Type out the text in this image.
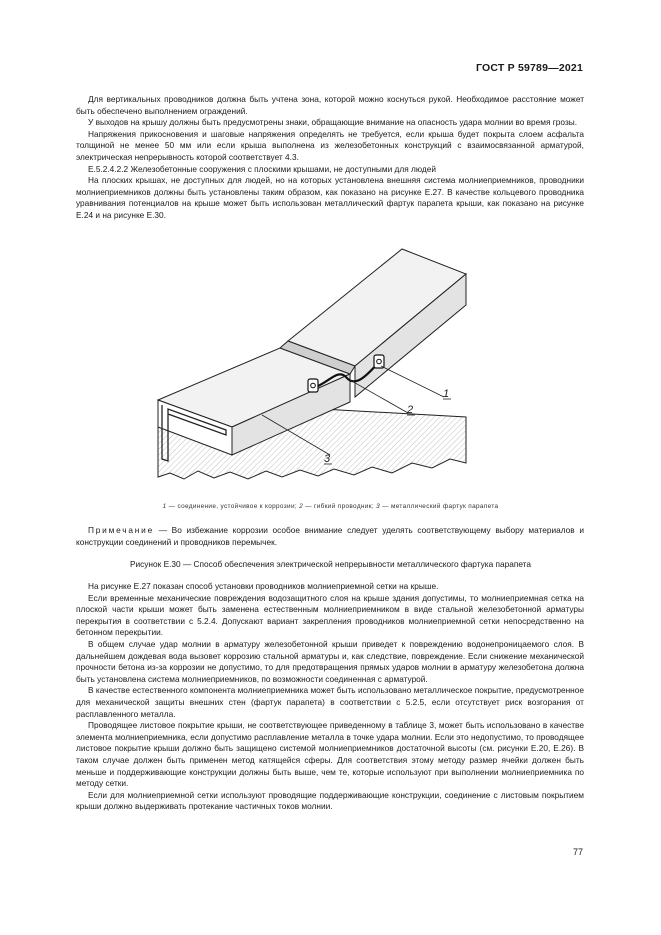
ГОСТ Р 59789—2021

Для вертикальных проводников должна быть учтена зона, которой можно коснуться рукой. Необходимое расстояние может быть обеспечено выполнением ограждений.

У выходов на крышу должны быть предусмотрены знаки, обращающие внимание на опасность удара молнии во время грозы.

Напряжения прикосновения и шаговые напряжения определять не требуется, если крыша будет покрыта слоем асфальта толщиной не менее 50 мм или если крыша выполнена из железобетонных конструкций с взаимосвязанной арматурой, электрическая непрерывность которой соответствует 4.3.

Е.5.2.4.2.2 Железобетонные сооружения с плоскими крышами, не доступными для людей

На плоских крышах, не доступных для людей, но на которых установлена внешняя система молниеприемников, проводники молниеприемников должны быть установлены таким образом, как показано на рисунке Е.27. В качестве кольцевого проводника уравнивания потенциалов на крыше может быть использован металлический фартук парапета крыши, как показано на рисунке Е.24 и на рисунке Е.30.

1
2
3
1 — соединение, устойчивое к коррозии; 2 — гибкий проводник; 3 — металлический фартук парапета

Примечание — Во избежание коррозии особое внимание следует уделять соответствующему выбору материалов и конструкции соединений и проводников перемычек.

Рисунок Е.30 — Способ обеспечения электрической непрерывности металлического фартука парапета

На рисунке Е.27 показан способ установки проводников молниеприемной сетки на крыше.

Если временные механические повреждения водозащитного слоя на крыше здания допустимы, то молниеприемная сетка на плоской части крыши может быть заменена естественным молниеприемником в виде стальной железобетонной арматуры перекрытия в соответствии с 5.2.4. Допускают вариант закрепления проводников молниеприемной сетки непосредственно на бетонном перекрытии.

В общем случае удар молнии в арматуру железобетонной крыши приведет к повреждению водонепроницаемого слоя. В дальнейшем дождевая вода вызовет коррозию стальной арматуры и, как следствие, повреждение. Если снижение механической прочности бетона из-за коррозии не допустимо, то для предотвращения прямых ударов молнии в арматуру железобетона должна быть установлена система молниеприемников, по возможности соединенная с арматурой.

В качестве естественного компонента молниеприемника может быть использовано металлическое покрытие, предусмотренное для механической защиты внешних стен (фартук парапета) в соответствии с 5.2.5, если отсутствует риск возгорания от расплавленного металла.

Проводящее листовое покрытие крыши, не соответствующее приведенному в таблице 3, может быть использовано в качестве элемента молниеприемника, если допустимо расплавление металла в точке удара молнии. Если это недопустимо, то проводящее листовое покрытие крыши должно быть защищено системой молниеприемников достаточной высоты (см. рисунки Е.20, Е.26). В таком случае должен быть применен метод катящейся сферы. Для соответствия этому методу размер ячейки должен быть меньше и поддерживающие конструкции должны быть выше, чем те, которые используют при выполнении молниеприемника по методу сетки.

Если для молниеприемной сетки используют проводящие поддерживающие конструкции, соединение с листовым покрытием крыши должно выдерживать протекание частичных токов молнии.

77
